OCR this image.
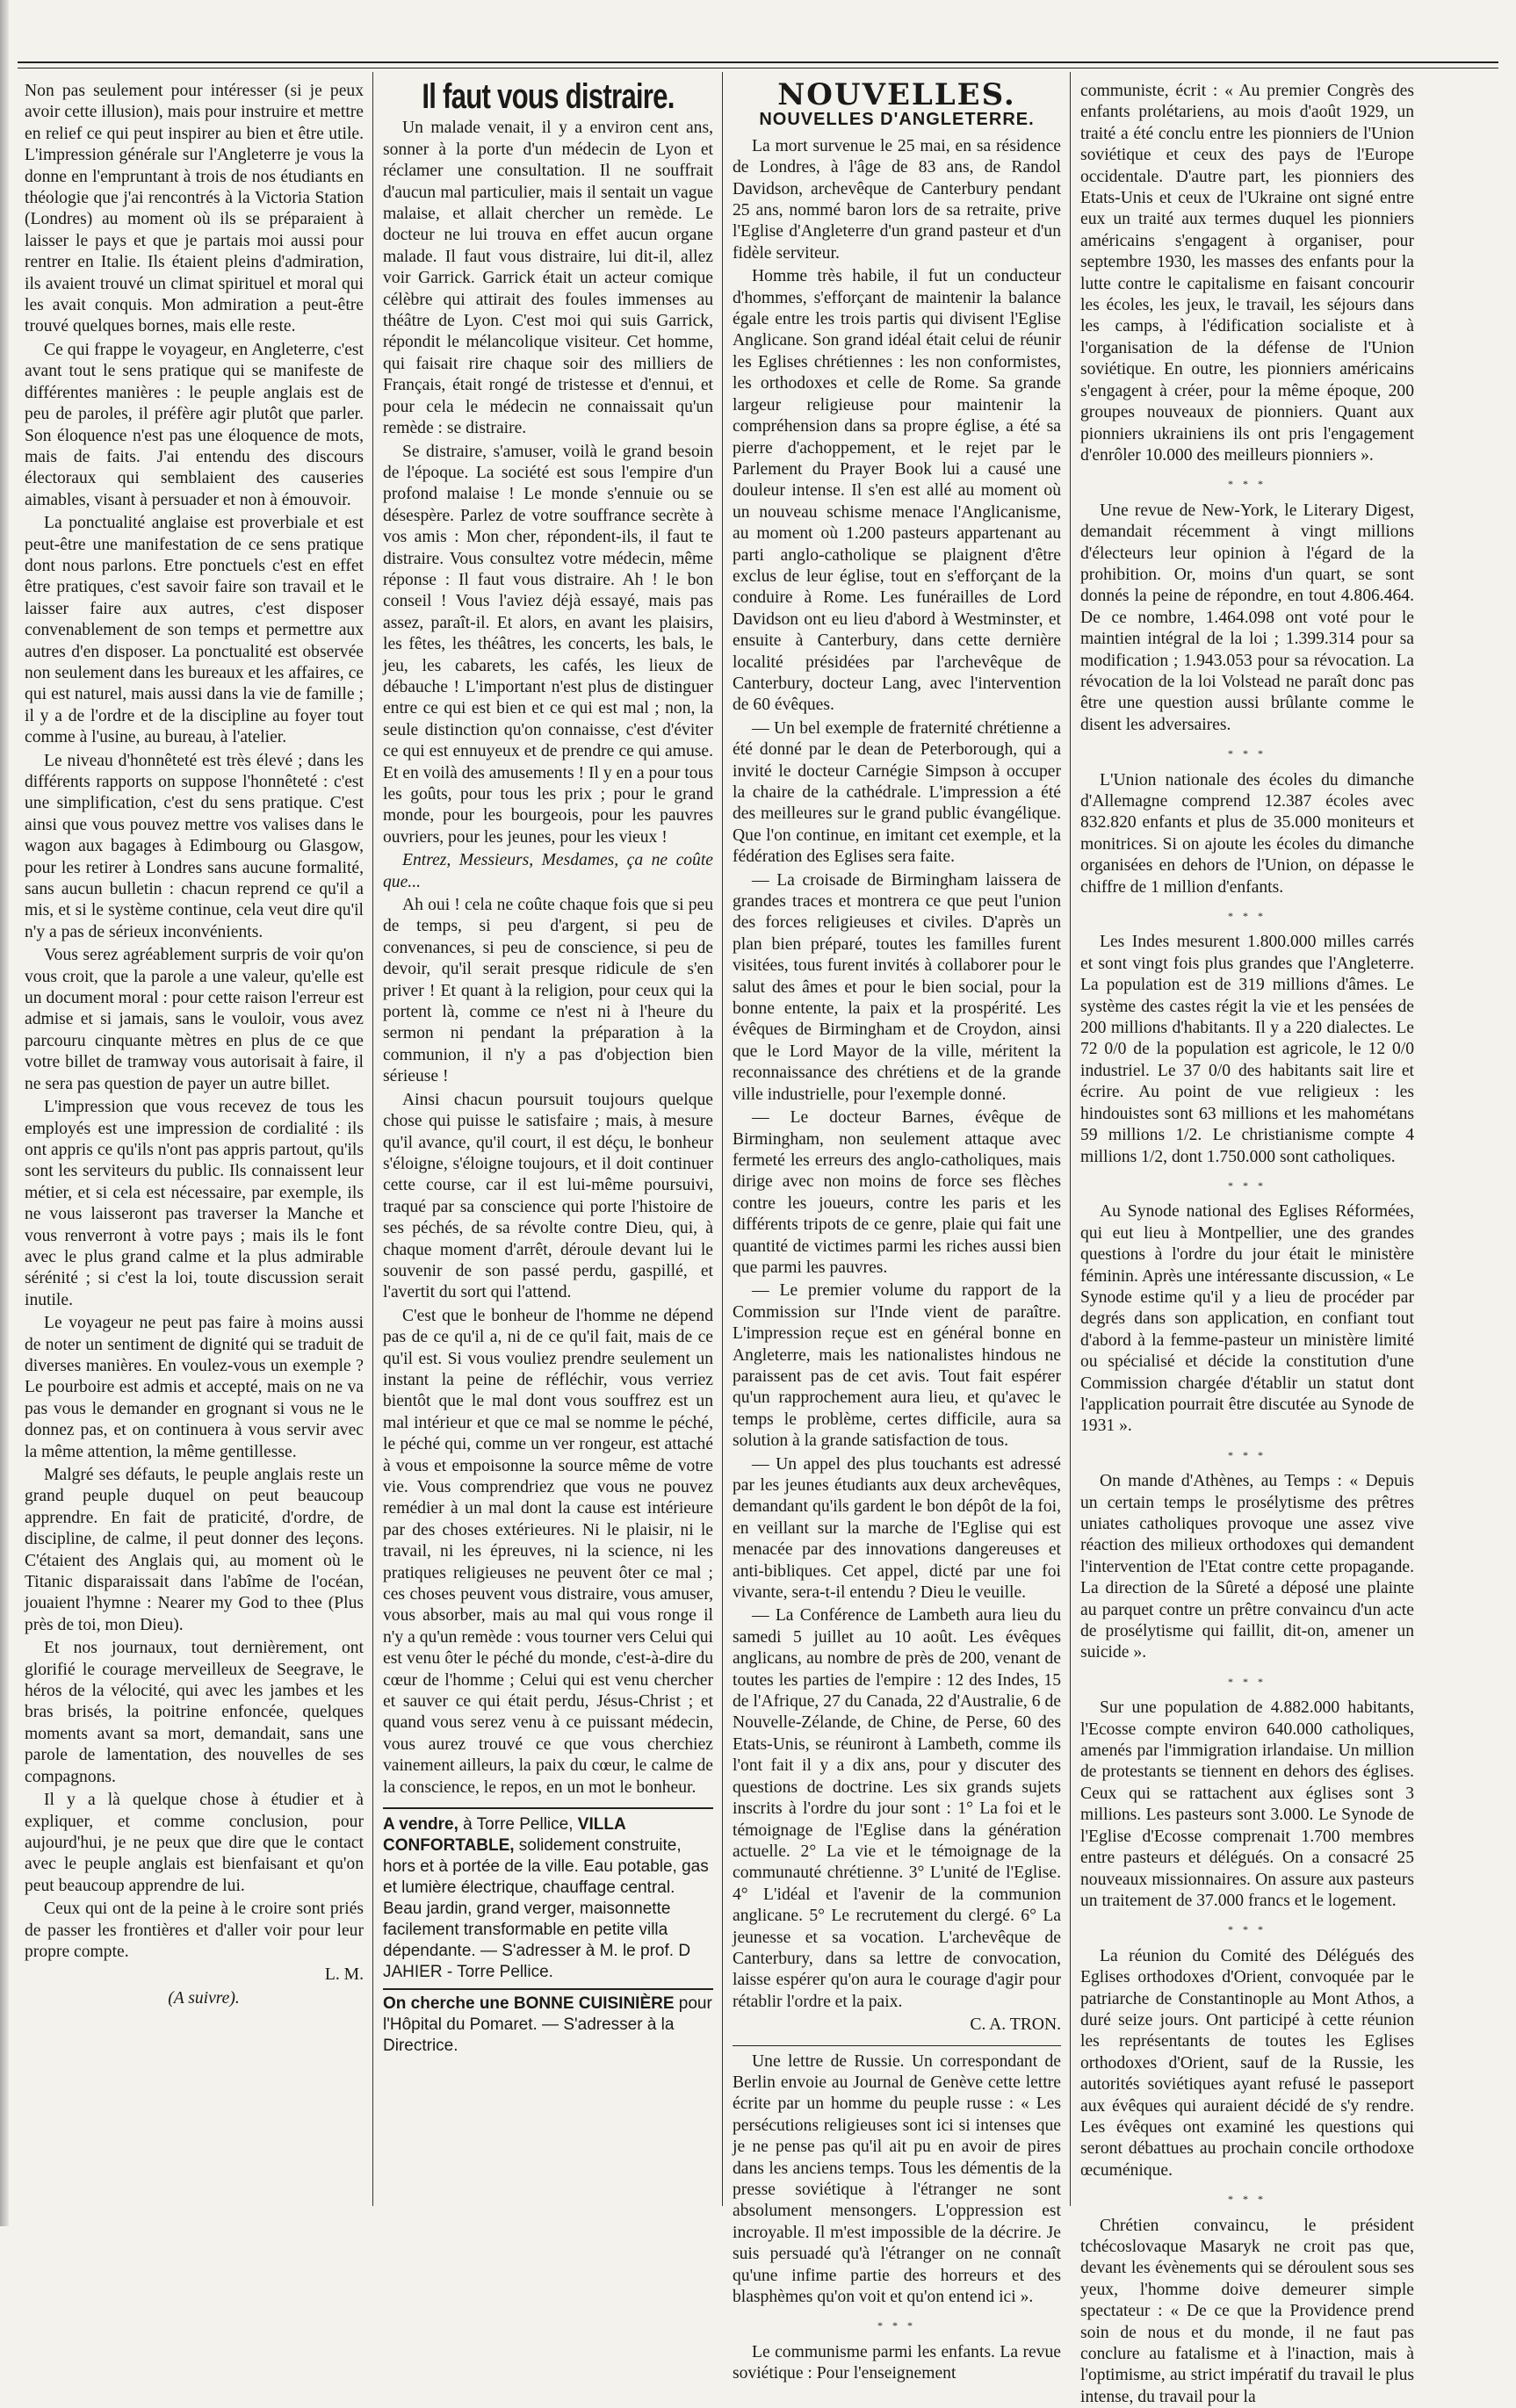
Non pas seulement pour intéresser (si je peux avoir cette illusion), mais pour instruire et mettre en relief ce qui peut inspirer au bien et être utile. L'impression générale sur l'Angleterre je vous la donne en l'empruntant à trois de nos étudiants en théologie que j'ai rencontrés à la Victoria Station (Londres) au moment où ils se préparaient à laisser le pays et que je partais moi aussi pour rentrer en Italie. Ils étaient pleins d'admiration, ils avaient trouvé un climat spirituel et moral qui les avait conquis. Mon admiration a peut-être trouvé quelques bornes, mais elle reste.

Ce qui frappe le voyageur, en Angleterre, c'est avant tout le sens pratique qui se manifeste de différentes manières : le peuple anglais est de peu de paroles, il préfère agir plutôt que parler. Son éloquence n'est pas une éloquence de mots, mais de faits. J'ai entendu des discours électoraux qui semblaient des causeries aimables, visant à persuader et non à émouvoir.

La ponctualité anglaise est proverbiale et est peut-être une manifestation de ce sens pratique dont nous parlons. Etre ponctuels c'est en effet être pratiques, c'est savoir faire son travail et le laisser faire aux autres, c'est disposer convenablement de son temps et permettre aux autres d'en disposer. La ponctualité est observée non seulement dans les bureaux et les affaires, ce qui est naturel, mais aussi dans la vie de famille ; il y a de l'ordre et de la discipline au foyer tout comme à l'usine, au bureau, à l'atelier.

Le niveau d'honnêteté est très élevé ; dans les différents rapports on suppose l'honnêteté : c'est une simplification, c'est du sens pratique. C'est ainsi que vous pouvez mettre vos valises dans le wagon aux bagages à Edimbourg ou Glasgow, pour les retirer à Londres sans aucune formalité, sans aucun bulletin : chacun reprend ce qu'il a mis, et si le système continue, cela veut dire qu'il n'y a pas de sérieux inconvénients.

Vous serez agréablement surpris de voir qu'on vous croit, que la parole a une valeur, qu'elle est un document moral : pour cette raison l'erreur est admise et si jamais, sans le vouloir, vous avez parcouru cinquante mètres en plus de ce que votre billet de tramway vous autorisait à faire, il ne sera pas question de payer un autre billet.

L'impression que vous recevez de tous les employés est une impression de cordialité : ils ont appris ce qu'ils n'ont pas appris partout, qu'ils sont les serviteurs du public. Ils connaissent leur métier, et si cela est nécessaire, par exemple, ils ne vous laisseront pas traverser la Manche et vous renverront à votre pays ; mais ils le font avec le plus grand calme et la plus admirable sérénité ; si c'est la loi, toute discussion serait inutile.

Le voyageur ne peut pas faire à moins aussi de noter un sentiment de dignité qui se traduit de diverses manières. En voulez-vous un exemple ? Le pourboire est admis et accepté, mais on ne va pas vous le demander en grognant si vous ne le donnez pas, et on continuera à vous servir avec la même attention, la même gentillesse.

Malgré ses défauts, le peuple anglais reste un grand peuple duquel on peut beaucoup apprendre. En fait de praticité, d'ordre, de discipline, de calme, il peut donner des leçons. C'étaient des Anglais qui, au moment où le Titanic disparaissait dans l'abîme de l'océan, jouaient l'hymne : Nearer my God to thee (Plus près de toi, mon Dieu).

Et nos journaux, tout dernièrement, ont glorifié le courage merveilleux de Seegrave, le héros de la vélocité, qui avec les jambes et les bras brisés, la poitrine enfoncée, quelques moments avant sa mort, demandait, sans une parole de lamentation, des nouvelles de ses compagnons.

Il y a là quelque chose à étudier et à expliquer, et comme conclusion, pour aujourd'hui, je ne peux que dire que le contact avec le peuple anglais est bienfaisant et qu'on peut beaucoup apprendre de lui.

Ceux qui ont de la peine à le croire sont priés de passer les frontières et d'aller voir pour leur propre compte.

L. M.

(A suivre).

Il faut vous distraire.

Un malade venait, il y a environ cent ans, sonner à la porte d'un médecin de Lyon et réclamer une consultation. Il ne souffrait d'aucun mal particulier, mais il sentait un vague malaise, et allait chercher un remède. Le docteur ne lui trouva en effet aucun organe malade. Il faut vous distraire, lui dit-il, allez voir Garrick. Garrick était un acteur comique célèbre qui attirait des foules immenses au théâtre de Lyon. C'est moi qui suis Garrick, répondit le mélancolique visiteur. Cet homme, qui faisait rire chaque soir des milliers de Français, était rongé de tristesse et d'ennui, et pour cela le médecin ne connaissait qu'un remède : se distraire.

Se distraire, s'amuser, voilà le grand besoin de l'époque. La société est sous l'empire d'un profond malaise ! Le monde s'ennuie ou se désespère. Parlez de votre souffrance secrète à vos amis : Mon cher, répondent-ils, il faut te distraire. Vous consultez votre médecin, même réponse : Il faut vous distraire. Ah ! le bon conseil ! Vous l'aviez déjà essayé, mais pas assez, paraît-il. Et alors, en avant les plaisirs, les fêtes, les théâtres, les concerts, les bals, le jeu, les cabarets, les cafés, les lieux de débauche ! L'important n'est plus de distinguer entre ce qui est bien et ce qui est mal ; non, la seule distinction qu'on connaisse, c'est d'éviter ce qui est ennuyeux et de prendre ce qui amuse. Et en voilà des amusements ! Il y en a pour tous les goûts, pour tous les prix ; pour le grand monde, pour les bourgeois, pour les pauvres ouvriers, pour les jeunes, pour les vieux !

Entrez, Messieurs, Mesdames, ça ne coûte que...

Ah oui ! cela ne coûte chaque fois que si peu de temps, si peu d'argent, si peu de convenances, si peu de conscience, si peu de devoir, qu'il serait presque ridicule de s'en priver ! Et quant à la religion, pour ceux qui la portent là, comme ce n'est ni à l'heure du sermon ni pendant la préparation à la communion, il n'y a pas d'objection bien sérieuse !

Ainsi chacun poursuit toujours quelque chose qui puisse le satisfaire ; mais, à mesure qu'il avance, qu'il court, il est déçu, le bonheur s'éloigne, s'éloigne toujours, et il doit continuer cette course, car il est lui-même poursuivi, traqué par sa conscience qui porte l'histoire de ses péchés, de sa révolte contre Dieu, qui, à chaque moment d'arrêt, déroule devant lui le souvenir de son passé perdu, gaspillé, et l'avertit du sort qui l'attend.

C'est que le bonheur de l'homme ne dépend pas de ce qu'il a, ni de ce qu'il fait, mais de ce qu'il est. Si vous vouliez prendre seulement un instant la peine de réfléchir, vous verriez bientôt que le mal dont vous souffrez est un mal intérieur et que ce mal se nomme le péché, le péché qui, comme un ver rongeur, est attaché à vous et empoisonne la source même de votre vie. Vous comprendriez que vous ne pouvez remédier à un mal dont la cause est intérieure par des choses extérieures. Ni le plaisir, ni le travail, ni les épreuves, ni la science, ni les pratiques religieuses ne peuvent ôter ce mal ; ces choses peuvent vous distraire, vous amuser, vous absorber, mais au mal qui vous ronge il n'y a qu'un remède : vous tourner vers Celui qui est venu ôter le péché du monde, c'est-à-dire du cœur de l'homme ; Celui qui est venu chercher et sauver ce qui était perdu, Jésus-Christ ; et quand vous serez venu à ce puissant médecin, vous aurez trouvé ce que vous cherchiez vainement ailleurs, la paix du cœur, le calme de la conscience, le repos, en un mot le bonheur.

A vendre, à Torre Pellice, VILLA CONFORTABLE, solidement construite, hors et à portée de la ville. Eau potable, gas et lumière électrique, chauffage central. Beau jardin, grand verger, maisonnette facilement transformable en petite villa dépendante. — S'adresser à M. le prof. D JAHIER - Torre Pellice.

On cherche une BONNE CUISINIÈRE pour l'Hôpital du Pomaret. — S'adresser à la Directrice.

NOUVELLES.
NOUVELLES D'ANGLETERRE.

La mort survenue le 25 mai, en sa résidence de Londres, à l'âge de 83 ans, de Randol Davidson, archevêque de Canterbury pendant 25 ans, nommé baron lors de sa retraite, prive l'Eglise d'Angleterre d'un grand pasteur et d'un fidèle serviteur.

Homme très habile, il fut un conducteur d'hommes, s'efforçant de maintenir la balance égale entre les trois partis qui divisent l'Eglise Anglicane. Son grand idéal était celui de réunir les Eglises chrétiennes : les non conformistes, les orthodoxes et celle de Rome. Sa grande largeur religieuse pour maintenir la compréhension dans sa propre église, a été sa pierre d'achoppement, et le rejet par le Parlement du Prayer Book lui a causé une douleur intense. Il s'en est allé au moment où un nouveau schisme menace l'Anglicanisme, au moment où 1.200 pasteurs appartenant au parti anglo-catholique se plaignent d'être exclus de leur église, tout en s'efforçant de la conduire à Rome. Les funérailles de Lord Davidson ont eu lieu d'abord à Westminster, et ensuite à Canterbury, dans cette dernière localité présidées par l'archevêque de Canterbury, docteur Lang, avec l'intervention de 60 évêques.

— Un bel exemple de fraternité chrétienne a été donné par le dean de Peterborough, qui a invité le docteur Carnégie Simpson à occuper la chaire de la cathédrale. L'impression a été des meilleures sur le grand public évangélique. Que l'on continue, en imitant cet exemple, et la fédération des Eglises sera faite.

— La croisade de Birmingham laissera de grandes traces et montrera ce que peut l'union des forces religieuses et civiles. D'après un plan bien préparé, toutes les familles furent visitées, tous furent invités à collaborer pour le salut des âmes et pour le bien social, pour la bonne entente, la paix et la prospérité. Les évêques de Birmingham et de Croydon, ainsi que le Lord Mayor de la ville, méritent la reconnaissance des chrétiens et de la grande ville industrielle, pour l'exemple donné.

— Le docteur Barnes, évêque de Birmingham, non seulement attaque avec fermeté les erreurs des anglo-catholiques, mais dirige avec non moins de force ses flèches contre les joueurs, contre les paris et les différents tripots de ce genre, plaie qui fait une quantité de victimes parmi les riches aussi bien que parmi les pauvres.

— Le premier volume du rapport de la Commission sur l'Inde vient de paraître. L'impression reçue est en général bonne en Angleterre, mais les nationalistes hindous ne paraissent pas de cet avis. Tout fait espérer qu'un rapprochement aura lieu, et qu'avec le temps le problème, certes difficile, aura sa solution à la grande satisfaction de tous.

— Un appel des plus touchants est adressé par les jeunes étudiants aux deux archevêques, demandant qu'ils gardent le bon dépôt de la foi, en veillant sur la marche de l'Eglise qui est menacée par des innovations dangereuses et anti-bibliques. Cet appel, dicté par une foi vivante, sera-t-il entendu ? Dieu le veuille.

— La Conférence de Lambeth aura lieu du samedi 5 juillet au 10 août. Les évêques anglicans, au nombre de près de 200, venant de toutes les parties de l'empire : 12 des Indes, 15 de l'Afrique, 27 du Canada, 22 d'Australie, 6 de Nouvelle-Zélande, de Chine, de Perse, 60 des Etats-Unis, se réuniront à Lambeth, comme ils l'ont fait il y a dix ans, pour y discuter des questions de doctrine. Les six grands sujets inscrits à l'ordre du jour sont : 1° La foi et le témoignage de l'Eglise dans la génération actuelle. 2° La vie et le témoignage de la communauté chrétienne. 3° L'unité de l'Eglise. 4° L'idéal et l'avenir de la communion anglicane. 5° Le recrutement du clergé. 6° La jeunesse et sa vocation. L'archevêque de Canterbury, dans sa lettre de convocation, laisse espérer qu'on aura le courage d'agir pour rétablir l'ordre et la paix.

C. A. TRON.

Une lettre de Russie. Un correspondant de Berlin envoie au Journal de Genève cette lettre écrite par un homme du peuple russe : « Les persécutions religieuses sont ici si intenses que je ne pense pas qu'il ait pu en avoir de pires dans les anciens temps. Tous les démentis de la presse soviétique à l'étranger ne sont absolument mensongers. L'oppression est incroyable. Il m'est impossible de la décrire. Je suis persuadé qu'à l'étranger on ne connaît qu'une infime partie des horreurs et des blasphèmes qu'on voit et qu'on entend ici ».

* * *

Le communisme parmi les enfants. La revue soviétique : Pour l'enseignement

communiste, écrit : « Au premier Congrès des enfants prolétariens, au mois d'août 1929, un traité a été conclu entre les pionniers de l'Union soviétique et ceux des pays de l'Europe occidentale. D'autre part, les pionniers des Etats-Unis et ceux de l'Ukraine ont signé entre eux un traité aux termes duquel les pionniers américains s'engagent à organiser, pour septembre 1930, les masses des enfants pour la lutte contre le capitalisme en faisant concourir les écoles, les jeux, le travail, les séjours dans les camps, à l'édification socialiste et à l'organisation de la défense de l'Union soviétique. En outre, les pionniers américains s'engagent à créer, pour la même époque, 200 groupes nouveaux de pionniers. Quant aux pionniers ukrainiens ils ont pris l'engagement d'enrôler 10.000 des meilleurs pionniers ».

* * *

Une revue de New-York, le Literary Digest, demandait récemment à vingt millions d'électeurs leur opinion à l'égard de la prohibition. Or, moins d'un quart, se sont donnés la peine de répondre, en tout 4.806.464. De ce nombre, 1.464.098 ont voté pour le maintien intégral de la loi ; 1.399.314 pour sa modification ; 1.943.053 pour sa révocation. La révocation de la loi Volstead ne paraît donc pas être une question aussi brûlante comme le disent les adversaires.

* * *

L'Union nationale des écoles du dimanche d'Allemagne comprend 12.387 écoles avec 832.820 enfants et plus de 35.000 moniteurs et monitrices. Si on ajoute les écoles du dimanche organisées en dehors de l'Union, on dépasse le chiffre de 1 million d'enfants.

* * *

Les Indes mesurent 1.800.000 milles carrés et sont vingt fois plus grandes que l'Angleterre. La population est de 319 millions d'âmes. Le système des castes régit la vie et les pensées de 200 millions d'habitants. Il y a 220 dialectes. Le 72 0/0 de la population est agricole, le 12 0/0 industriel. Le 37 0/0 des habitants sait lire et écrire. Au point de vue religieux : les hindouistes sont 63 millions et les mahométans 59 millions 1/2. Le christianisme compte 4 millions 1/2, dont 1.750.000 sont catholiques.

* * *

Au Synode national des Eglises Réformées, qui eut lieu à Montpellier, une des grandes questions à l'ordre du jour était le ministère féminin. Après une intéressante discussion, « Le Synode estime qu'il y a lieu de procéder par degrés dans son application, en confiant tout d'abord à la femme-pasteur un ministère limité ou spécialisé et décide la constitution d'une Commission chargée d'établir un statut dont l'application pourrait être discutée au Synode de 1931 ».

* * *

On mande d'Athènes, au Temps : « Depuis un certain temps le prosélytisme des prêtres uniates catholiques provoque une assez vive réaction des milieux orthodoxes qui demandent l'intervention de l'Etat contre cette propagande. La direction de la Sûreté a déposé une plainte au parquet contre un prêtre convaincu d'un acte de prosélytisme qui faillit, dit-on, amener un suicide ».

* * *

Sur une population de 4.882.000 habitants, l'Ecosse compte environ 640.000 catholiques, amenés par l'immigration irlandaise. Un million de protestants se tiennent en dehors des églises. Ceux qui se rattachent aux églises sont 3 millions. Les pasteurs sont 3.000. Le Synode de l'Eglise d'Ecosse comprenait 1.700 membres entre pasteurs et délégués. On a consacré 25 nouveaux missionnaires. On assure aux pasteurs un traitement de 37.000 francs et le logement.

* * *

La réunion du Comité des Délégués des Eglises orthodoxes d'Orient, convoquée par le patriarche de Constantinople au Mont Athos, a duré seize jours. Ont participé à cette réunion les représentants de toutes les Eglises orthodoxes d'Orient, sauf de la Russie, les autorités soviétiques ayant refusé le passeport aux évêques qui auraient décidé de s'y rendre. Les évêques ont examiné les questions qui seront débattues au prochain concile orthodoxe œcuménique.

* * *

Chrétien convaincu, le président tchécoslovaque Masaryk ne croit pas que, devant les évènements qui se déroulent sous ses yeux, l'homme doive demeurer simple spectateur : « De ce que la Providence prend soin de nous et du monde, il ne faut pas conclure au fatalisme et à l'inaction, mais à l'optimisme, au strict impératif du travail le plus intense, du travail pour la
